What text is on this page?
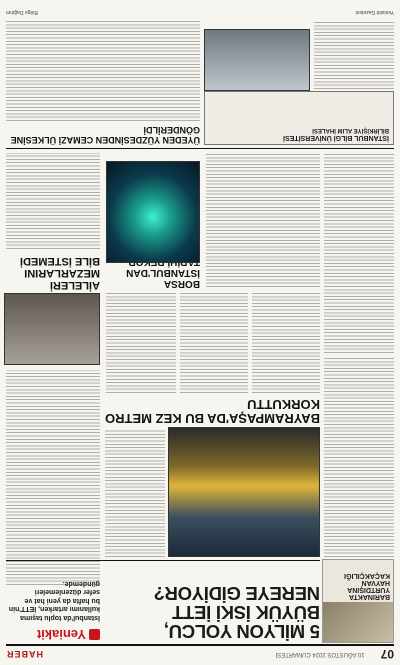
07
10 AĞUSTOS 2024 CUMARTESİ
HABER
Yeniakit	5 MİLYON YOLCU, BÜYÜK İSKİ İETT NEREYE GİDİYOR?
İstanbul'da toplu taşıma kullanımı artarken, İETT'nin bu hafta da yeni hat ve sefer düzenlemeleri gündemde.
BARINAKTA YURTDIŞINA HAYVAN KAÇAKÇILIĞI
BAYRAMPAŞA'DA BU KEZ METRO KORKUTTU
AİLELERİ MEZARLARINI BİLE İSTEMEDİ
BORSA İSTANBUL'DAN
ÜYEDEN YÜZDESİNDEN CEMAZİ ÜLKESİNE GÖNDERİLDİ
İSTANBUL BİLGİ ÜNİVERSİTESİ
BİLİRKİŞİYE ALIM İHALESİ
Yeniakit Gazetesi
Bölge Dağıtım
